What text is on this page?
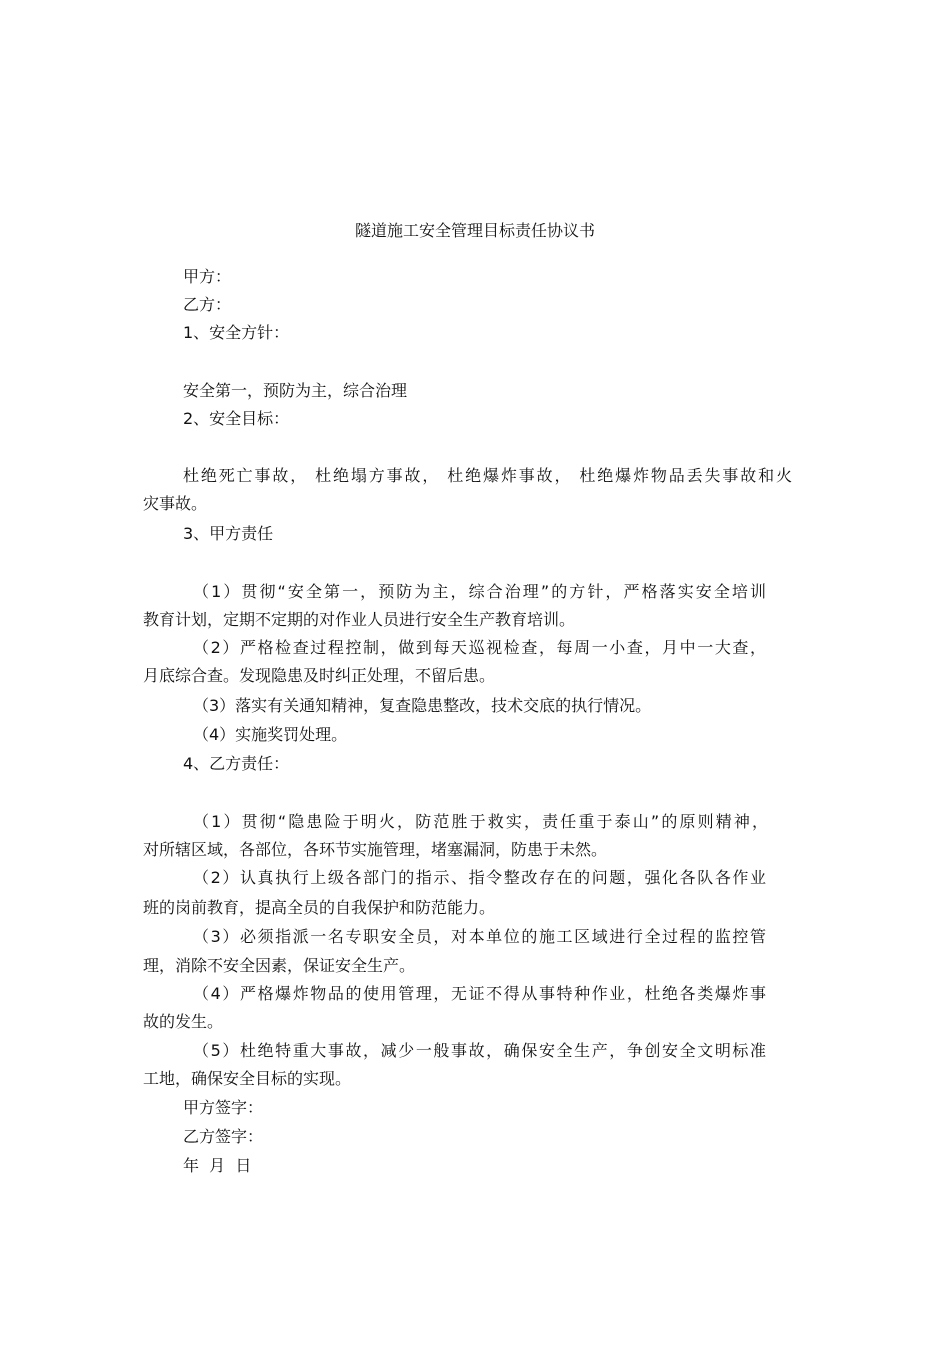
隧道施工安全管理目标责任协议书
甲方：
乙方：
1、安全方针：
安全第一，预防为主，综合治理
2、安全目标：
杜绝死亡事故， 杜绝塌方事故， 杜绝爆炸事故， 杜绝爆炸物品丢失事故和火
灾事故。
3、甲方责任
（1）贯彻“安全第一，预防为主，综合治理”的方针，严格落实安全培训
教育计划，定期不定期的对作业人员进行安全生产教育培训。
（2）严格检查过程控制，做到每天巡视检查，每周一小查，月中一大查，
月底综合查。发现隐患及时纠正处理，不留后患。
（3）落实有关通知精神，复查隐患整改，技术交底的执行情况。
（4）实施奖罚处理。
4、乙方责任：
（1）贯彻“隐患险于明火，防范胜于救实，责任重于泰山”的原则精神，
对所辖区域，各部位，各环节实施管理，堵塞漏洞，防患于未然。
（2）认真执行上级各部门的指示、指令整改存在的问题，强化各队各作业
班的岗前教育，提高全员的自我保护和防范能力。
（3）必须指派一名专职安全员，对本单位的施工区域进行全过程的监控管
理，消除不安全因素，保证安全生产。
（4）严格爆炸物品的使用管理，无证不得从事特种作业，杜绝各类爆炸事
故的发生。
（5）杜绝特重大事故，减少一般事故，确保安全生产，争创安全文明标准
工地，确保安全目标的实现。
甲方签字：
乙方签字：
年  月  日
